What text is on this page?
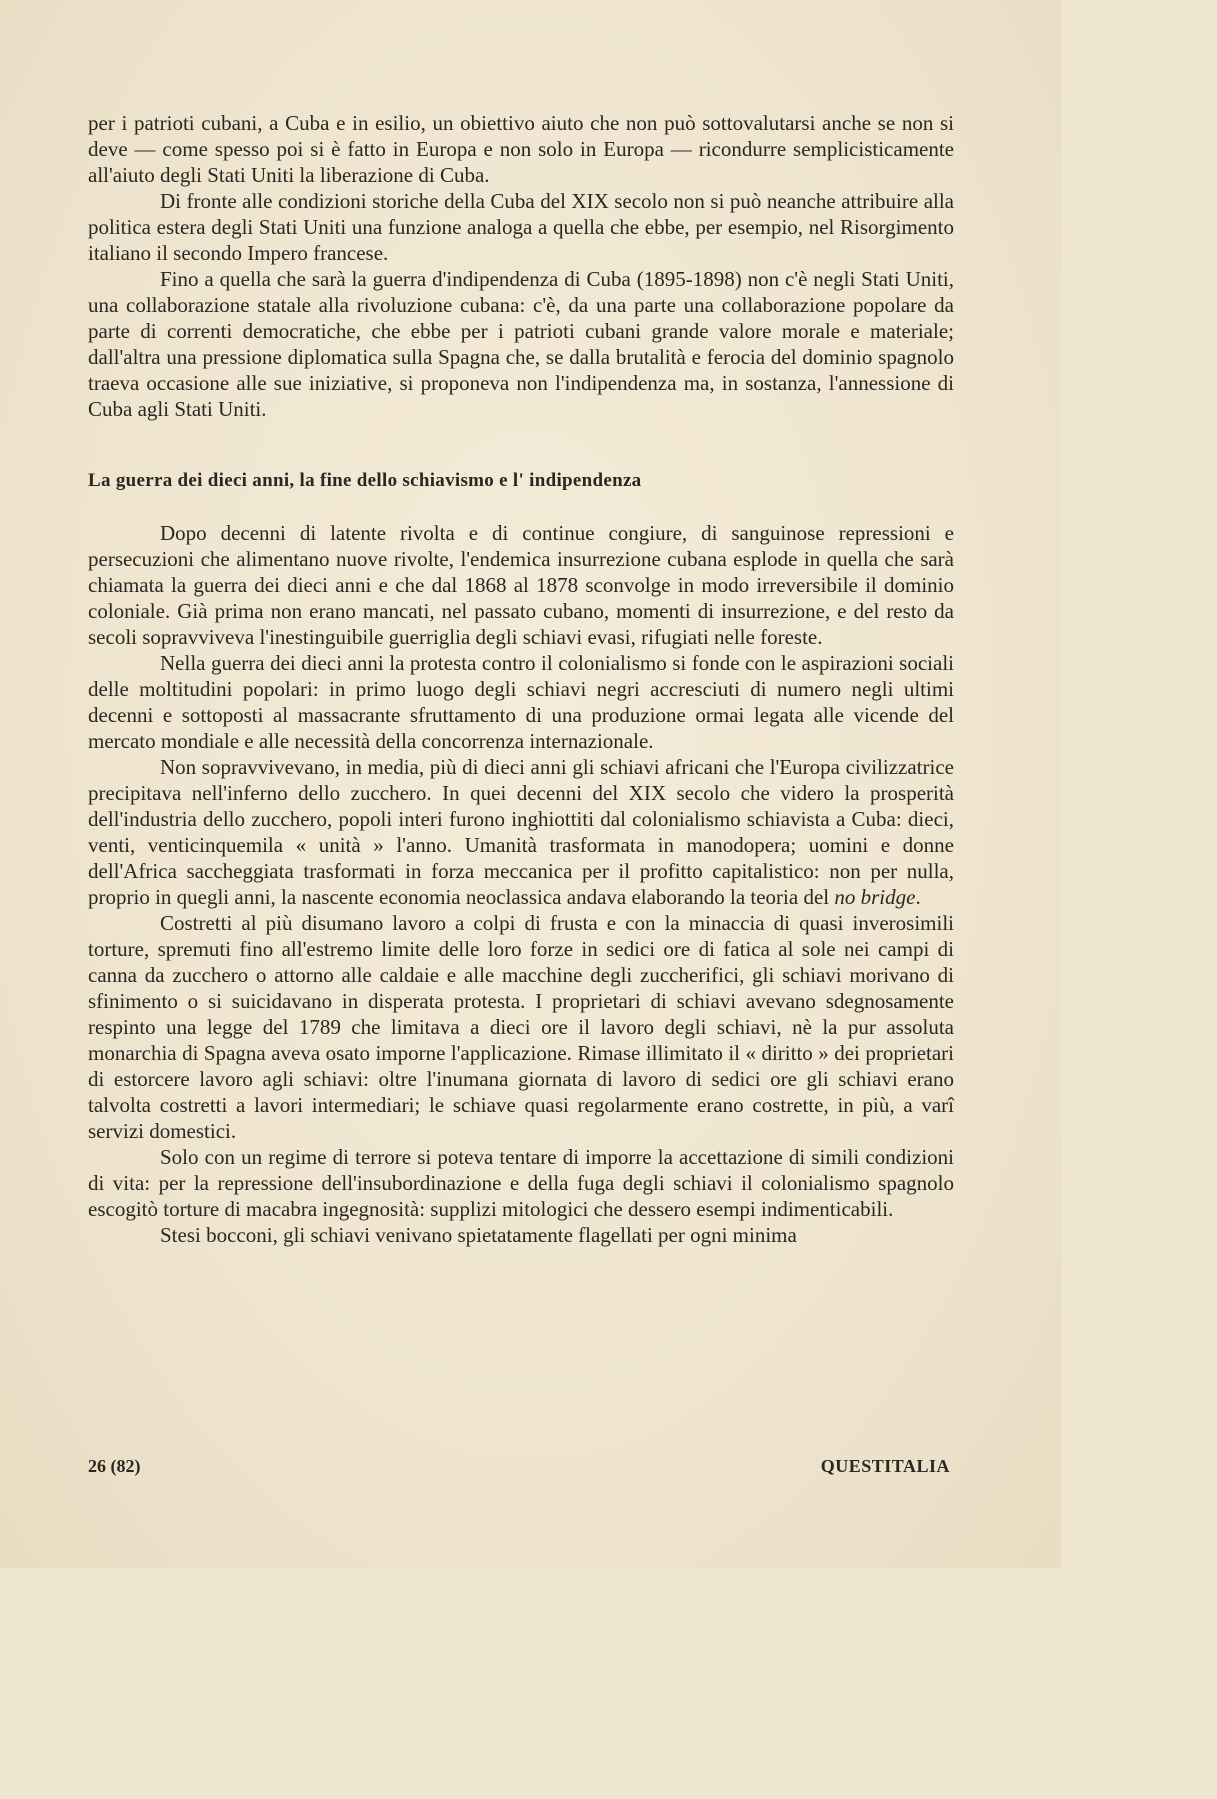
per i patrioti cubani, a Cuba e in esilio, un obiettivo aiuto che non può sottovalutarsi anche se non si deve — come spesso poi si è fatto in Europa e non solo in Europa — ricondurre semplicisticamente all'aiuto degli Stati Uniti la liberazione di Cuba.

Di fronte alle condizioni storiche della Cuba del XIX secolo non si può neanche attribuire alla politica estera degli Stati Uniti una funzione analoga a quella che ebbe, per esempio, nel Risorgimento italiano il secondo Impero francese.

Fino a quella che sarà la guerra d'indipendenza di Cuba (1895-1898) non c'è negli Stati Uniti, una collaborazione statale alla rivoluzione cubana: c'è, da una parte una collaborazione popolare da parte di correnti democratiche, che ebbe per i patrioti cubani grande valore morale e materiale; dall'altra una pressione diplomatica sulla Spagna che, se dalla brutalità e ferocia del dominio spagnolo traeva occasione alle sue iniziative, si proponeva non l'indipendenza ma, in sostanza, l'annessione di Cuba agli Stati Uniti.

La guerra dei dieci anni, la fine dello schiavismo e l' indipendenza

Dopo decenni di latente rivolta e di continue congiure, di sanguinose repressioni e persecuzioni che alimentano nuove rivolte, l'endemica insurrezione cubana esplode in quella che sarà chiamata la guerra dei dieci anni e che dal 1868 al 1878 sconvolge in modo irreversibile il dominio coloniale. Già prima non erano mancati, nel passato cubano, momenti di insurrezione, e del resto da secoli sopravviveva l'inestinguibile guerriglia degli schiavi evasi, rifugiati nelle foreste.

Nella guerra dei dieci anni la protesta contro il colonialismo si fonde con le aspirazioni sociali delle moltitudini popolari: in primo luogo degli schiavi negri accresciuti di numero negli ultimi decenni e sottoposti al massacrante sfruttamento di una produzione ormai legata alle vicende del mercato mondiale e alle necessità della concorrenza internazionale.

Non sopravvivevano, in media, più di dieci anni gli schiavi africani che l'Europa civilizzatrice precipitava nell'inferno dello zucchero. In quei decenni del XIX secolo che videro la prosperità dell'industria dello zucchero, popoli interi furono inghiottiti dal colonialismo schiavista a Cuba: dieci, venti, venticinquemila « unità » l'anno. Umanità trasformata in manodopera; uomini e donne dell'Africa saccheggiata trasformati in forza meccanica per il profitto capitalistico: non per nulla, proprio in quegli anni, la nascente economia neoclassica andava elaborando la teoria del no bridge.

Costretti al più disumano lavoro a colpi di frusta e con la minaccia di quasi inverosimili torture, spremuti fino all'estremo limite delle loro forze in sedici ore di fatica al sole nei campi di canna da zucchero o attorno alle caldaie e alle macchine degli zuccherifici, gli schiavi morivano di sfinimento o si suicidavano in disperata protesta. I proprietari di schiavi avevano sdegnosamente respinto una legge del 1789 che limitava a dieci ore il lavoro degli schiavi, nè la pur assoluta monarchia di Spagna aveva osato imporne l'applicazione. Rimase illimitato il « diritto » dei proprietari di estorcere lavoro agli schiavi: oltre l'inumana giornata di lavoro di sedici ore gli schiavi erano talvolta costretti a lavori intermediari; le schiave quasi regolarmente erano costrette, in più, a varî servizi domestici.

Solo con un regime di terrore si poteva tentare di imporre la accettazione di simili condizioni di vita: per la repressione dell'insubordinazione e della fuga degli schiavi il colonialismo spagnolo escogitò torture di macabra ingegnosità: supplizi mitologici che dessero esempi indimenticabili.

Stesi bocconi, gli schiavi venivano spietatamente flagellati per ogni minima

26 (82)	QUESTITALIA
